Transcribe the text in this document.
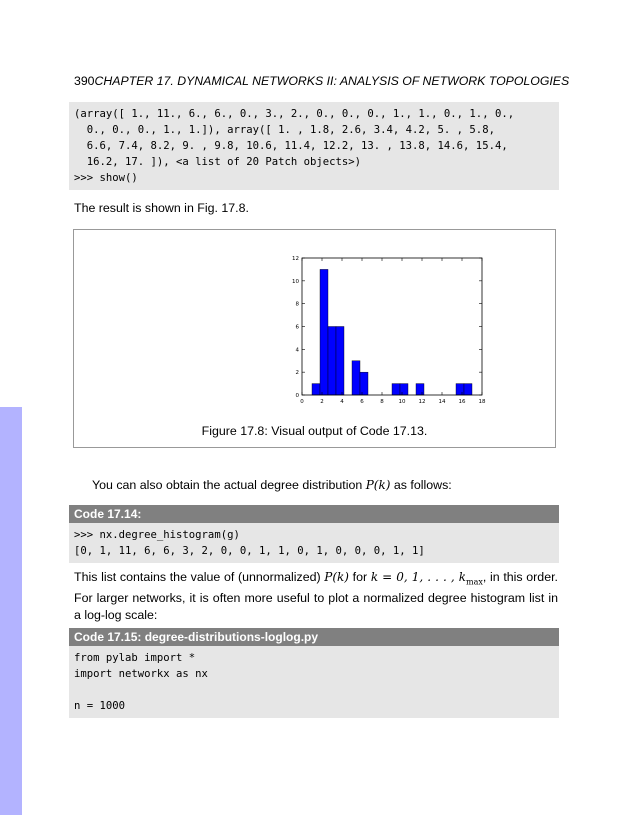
390CHAPTER 17. DYNAMICAL NETWORKS II: ANALYSIS OF NETWORK TOPOLOGIES
(array([ 1., 11., 6., 6., 0., 3., 2., 0., 0., 0., 1., 1., 0., 1., 0.,
0., 0., 0., 1., 1.]), array([ 1. , 1.8, 2.6, 3.4, 4.2, 5. , 5.8,
6.6, 7.4, 8.2, 9. , 9.8, 10.6, 11.4, 12.2, 13. , 13.8, 14.6, 15.4,
16.2, 17. ]), <a list of 20 Patch objects>)
>>> show()
The result is shown in Fig. 17.8.
0	2	4	6	8	10 12 14 16 18
0
2
4
6
8
10
12
Figure 17.8: Visual output of Code 17.13.
You can also obtain the actual degree distribution P(k) as follows:
Code 17.14:
>>> nx.degree_histogram(g)
[0, 1, 11, 6, 6, 3, 2, 0, 0, 1, 1, 0, 1, 0, 0, 0, 1, 1]
This list contains the value of (unnormalized) P(k) for k = 0, 1, . . . , $k_{max}$, in this order. For larger networks, it is often more useful to plot a normalized degree histogram list in a log-log scale:
Code 17.15: degree-distributions-loglog.py
from pylab import *
import networkx as nx

n = 1000
